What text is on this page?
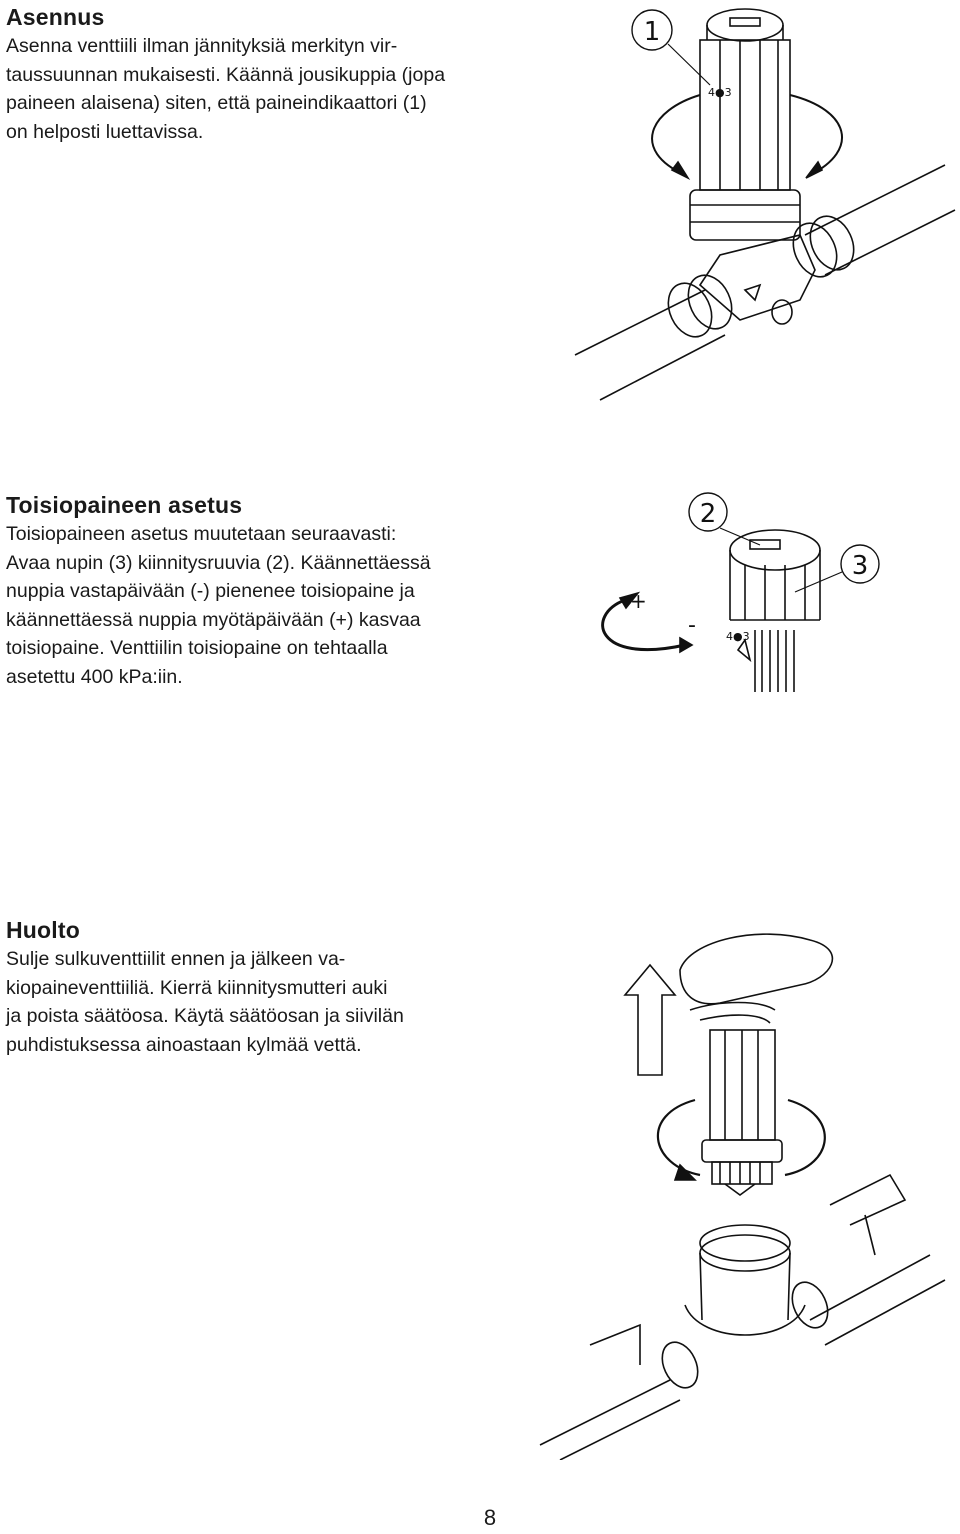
Asennus
Asenna venttiili ilman jännityksiä merkityn vir-
taussuunnan mukaisesti. Käännä jousikuppia (jopa
paineen alaisena) siten, että paineindikaattori (1)
on helposti luettavissa.
1
4●3
Toisiopaineen asetus
Toisiopaineen asetus muutetaan seuraavasti:
Avaa nupin (3) kiinnitysruuvia (2). Käännettäessä
nuppia vastapäivään (-) pienenee toisiopaine ja
käännettäessä nuppia myötäpäivään (+) kasvaa
toisiopaine. Venttiilin toisiopaine on tehtaalla
asetettu 400 kPa:iin.
+
-
2
3
4●3
Huolto
Sulje sulkuventtiilit ennen ja jälkeen va-
kiopaineventtiiliä. Kierrä kiinnitysmutteri auki
ja poista säätöosa. Käytä säätöosan ja siivilän
puhdistuksessa ainoastaan kylmää vettä.
8
